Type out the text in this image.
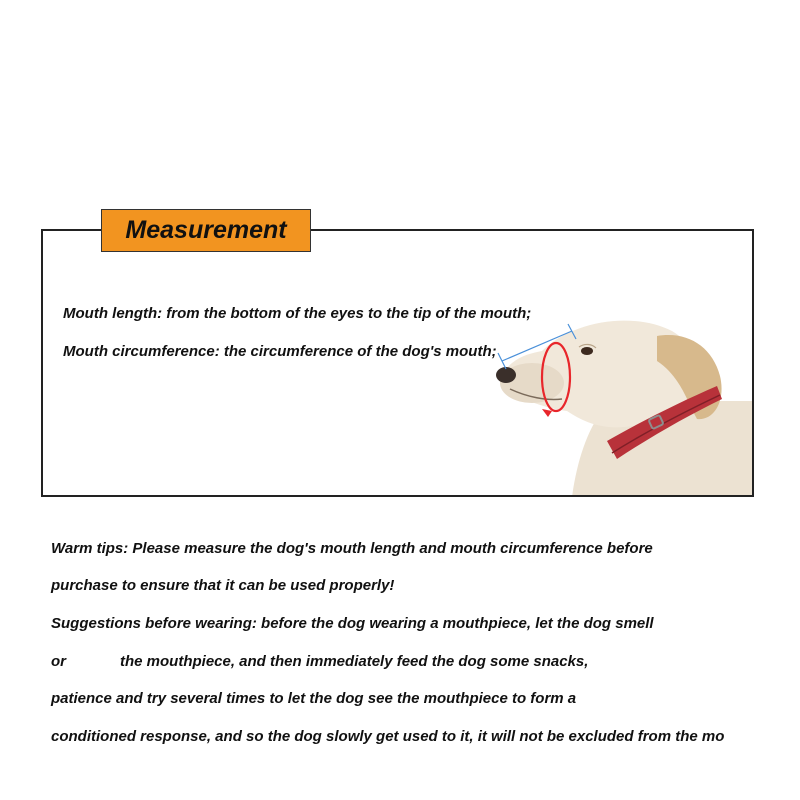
Measurement
Mouth length: from the bottom of the eyes to the tip of the mouth;
Mouth circumference: the circumference of the dog's mouth;
Warm tips: Please measure the dog's mouth length and mouth circumference before
purchase to ensure that it can be used properly!
Suggestions before wearing: before the dog wearing a mouthpiece, let the dog smell
or	the mouthpiece, and then immediately feed the dog some snacks,
patience and try several times to let the dog see the mouthpiece to form a
conditioned response, and so the dog slowly get used to it, it will not be excluded from the mo
